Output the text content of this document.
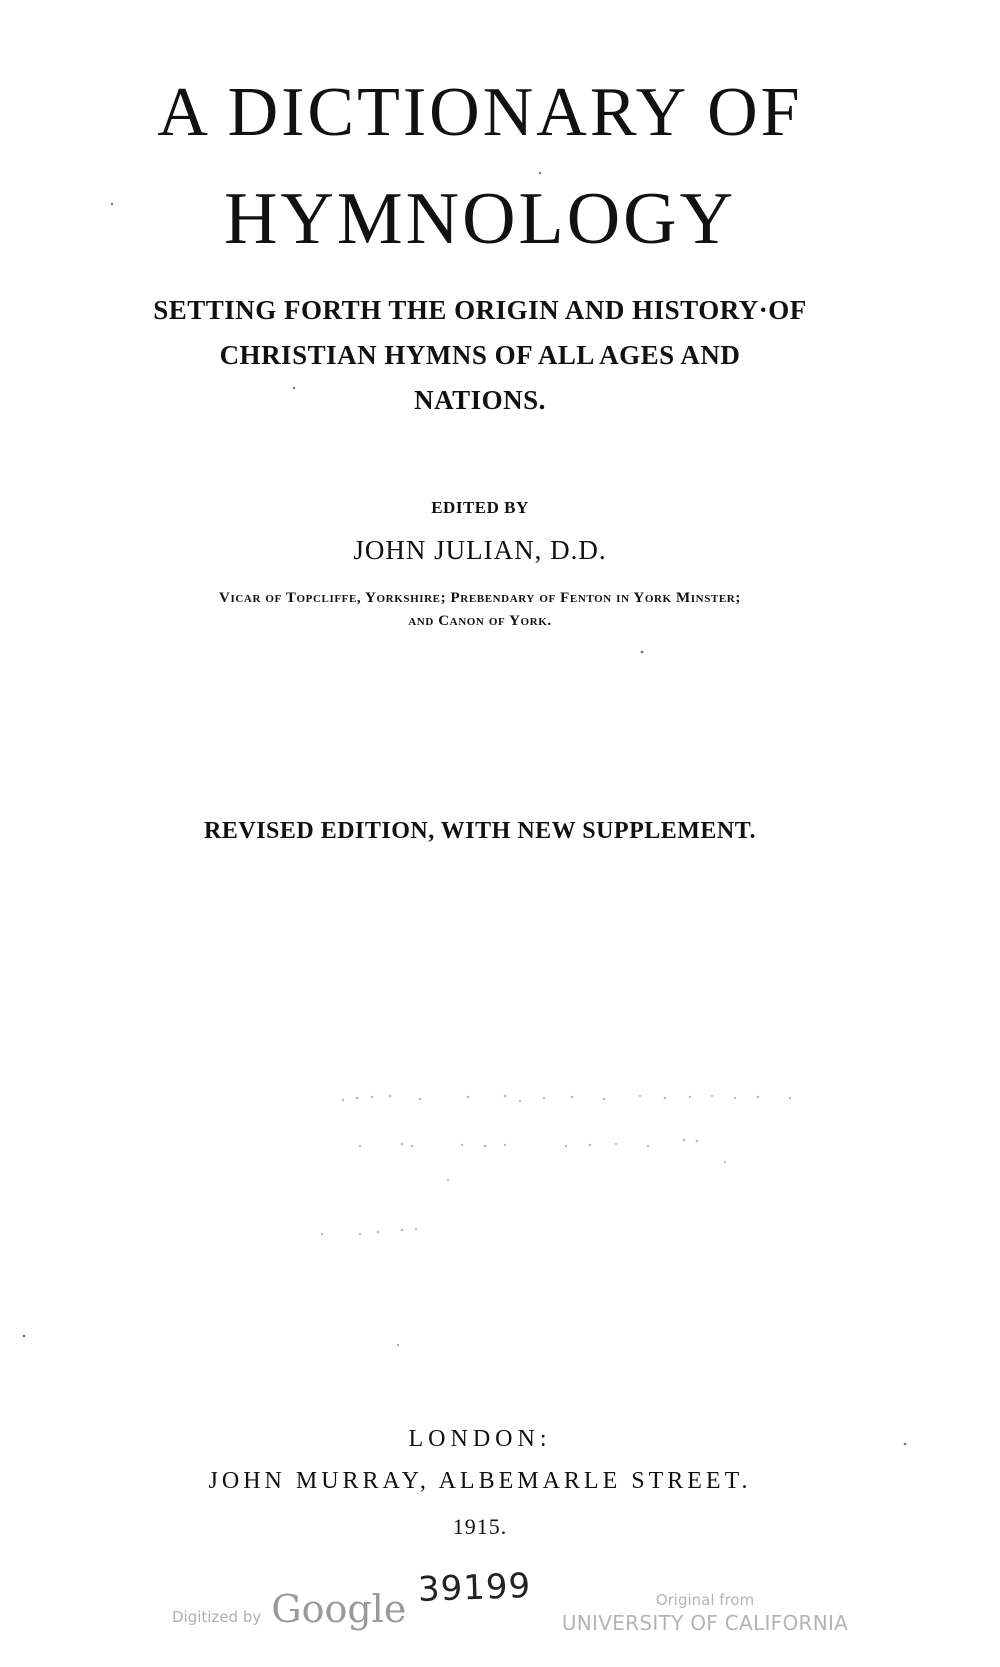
A DICTIONARY OF
HYMNOLOGY
SETTING FORTH THE ORIGIN AND HISTORY·OF
CHRISTIAN HYMNS OF ALL AGES AND
NATIONS.
EDITED BY
JOHN JULIAN, D.D.
Vicar of Topcliffe, Yorkshire; Prebendary of Fenton in York Minster;
and Canon of York.
REVISED EDITION, WITH NEW SUPPLEMENT.
LONDON:
JOHN MURRAY, ALBEMARLE STREET.
1915.
39199
Digitized by Google	Original from
UNIVERSITY OF CALIFORNIA
